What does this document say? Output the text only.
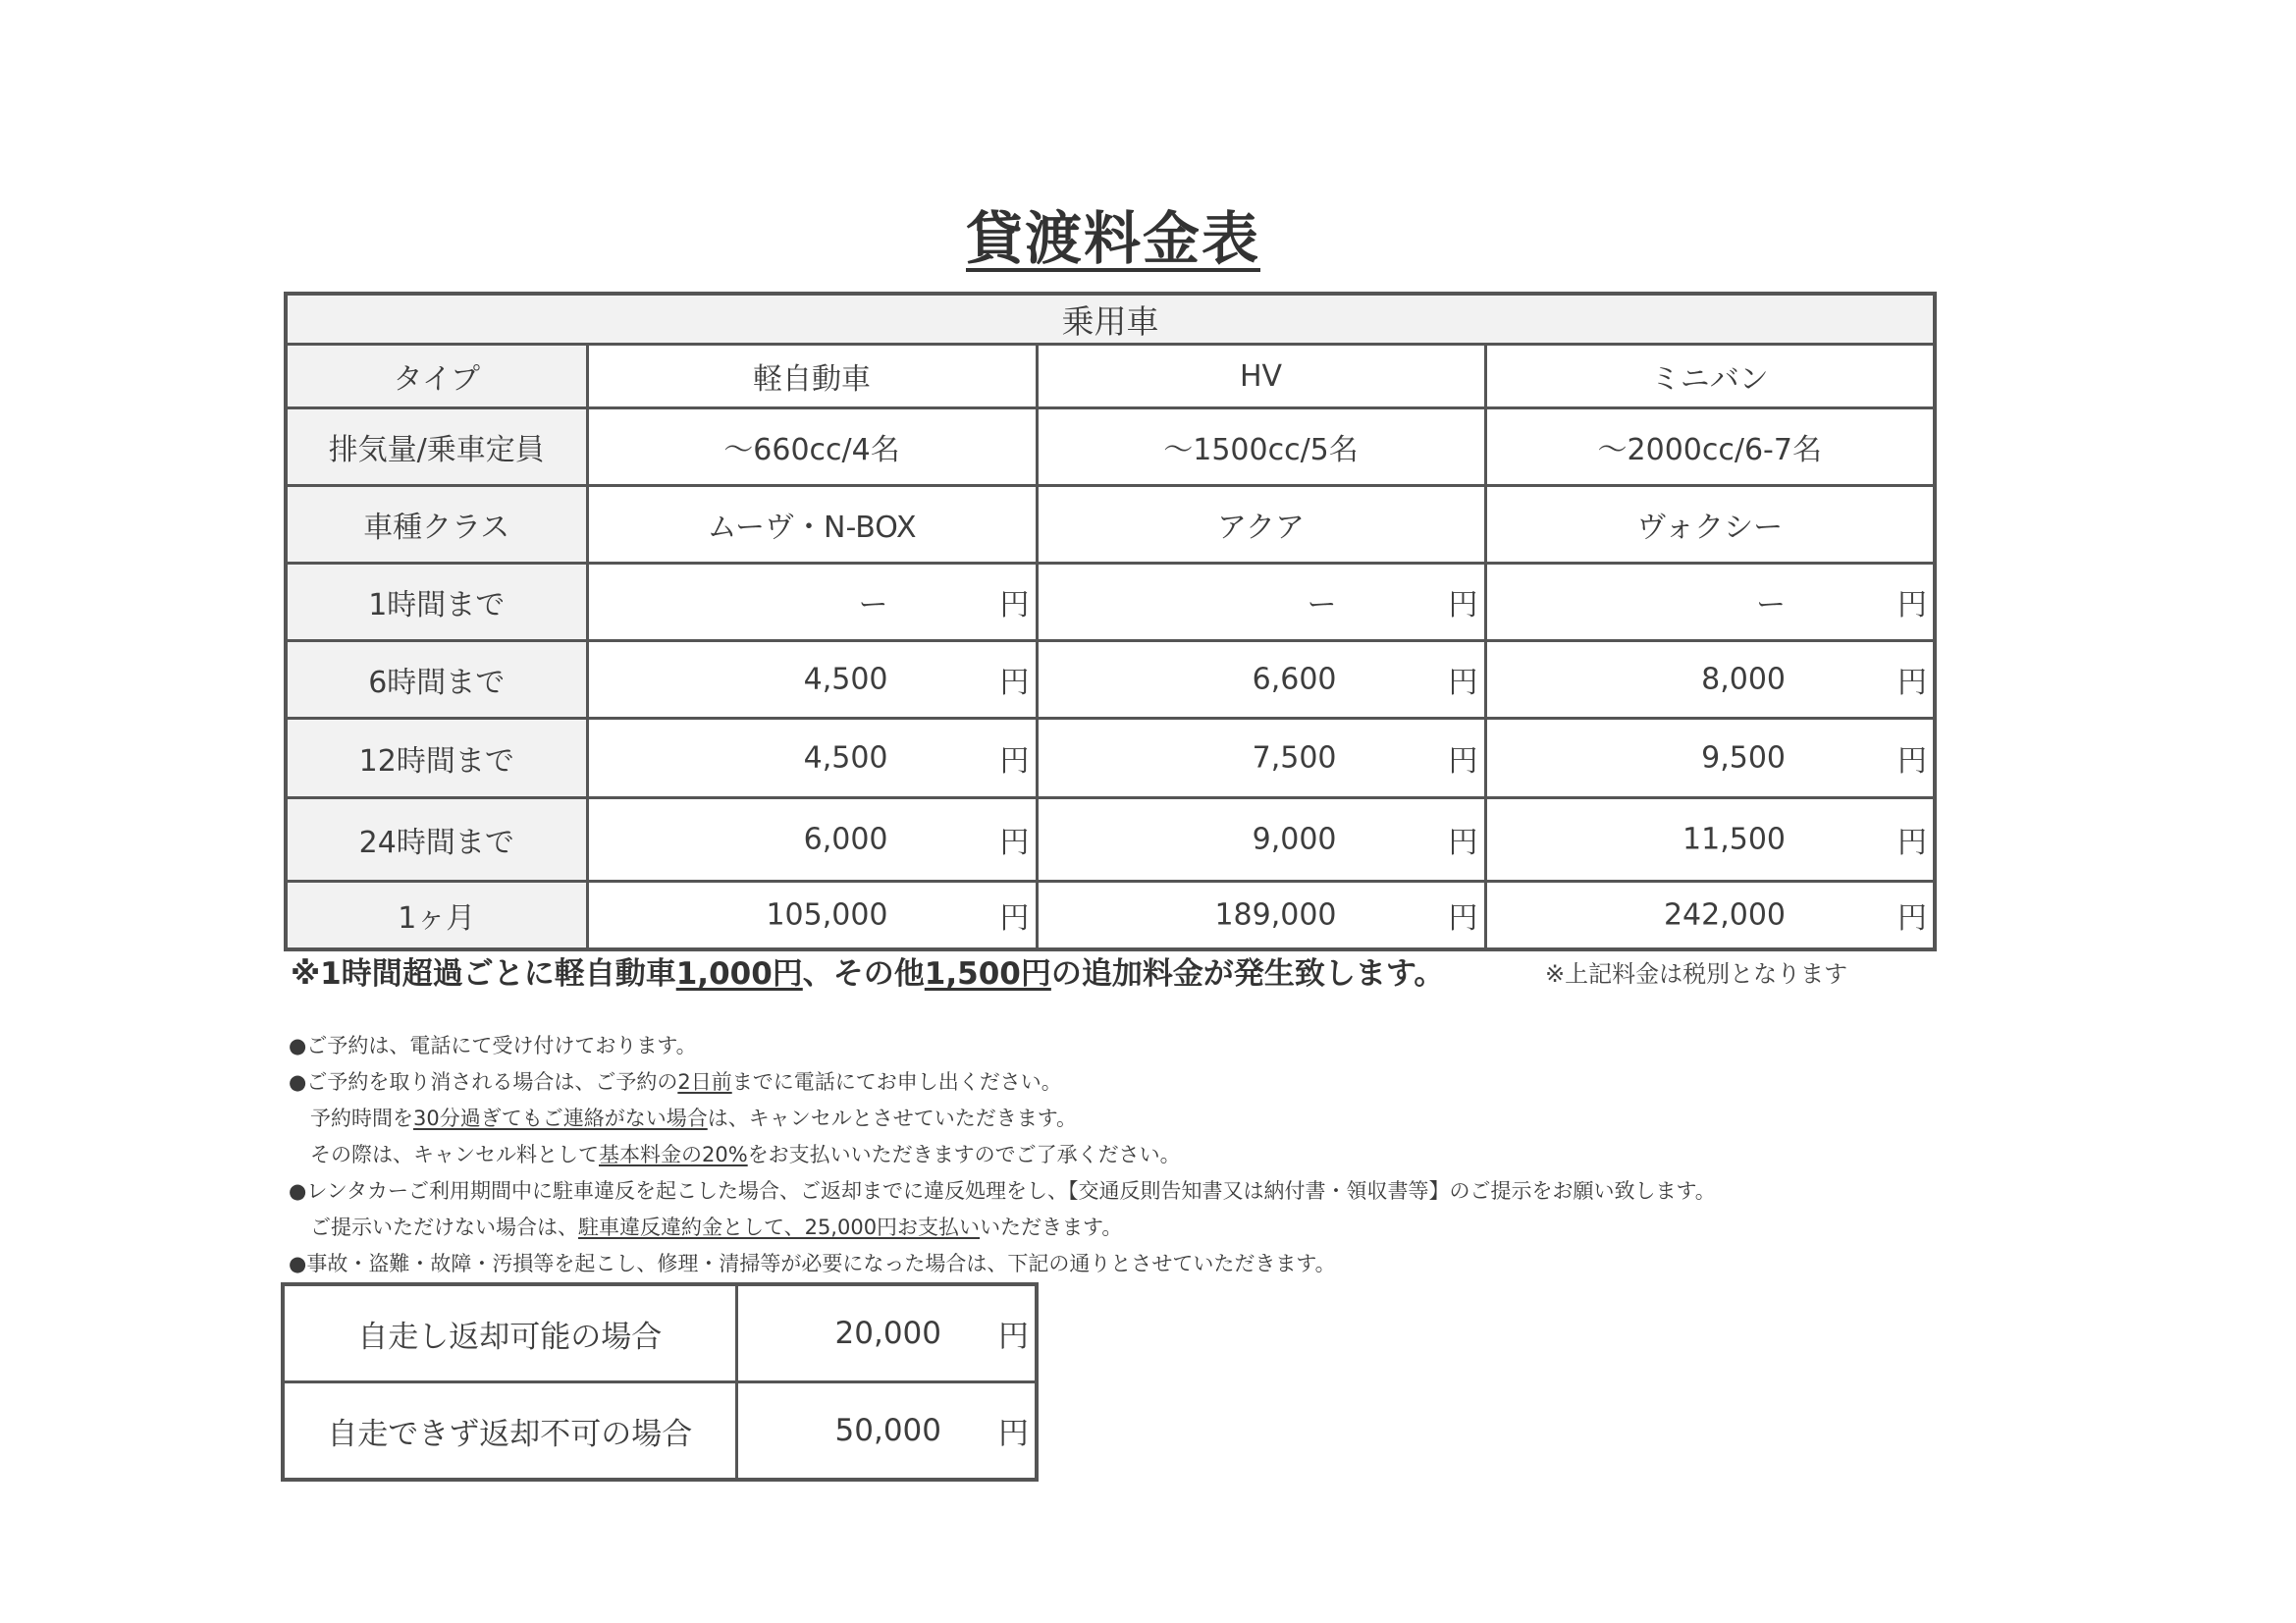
貸渡料金表
乗用車			
タイプ	軽自動車	HV	ミニバン
排気量/乗車定員	～660cc/4名	～1500cc/5名	～2000cc/6-7名
車種クラス	ムーヴ・N-BOX	アクア	ヴォクシー
1時間まで	ー 円	ー 円	ー 円

6時間まで	4,500 円	6,600 円	8,000 円

12時間まで	4,500 円	7,500 円	9,500 円

24時間まで	6,000 円	9,000 円	11,500 円

1ヶ月	105,000 円	189,000 円	242,000 円
※1時間超過ごとに軽自動車1,000円、その他1,500円の追加料金が発生致します。	※上記料金は税別となります
●ご予約は、電話にて受け付けております。
●ご予約を取り消される場合は、ご予約の2日前までに電話にてお申し出ください。
予約時間を30分過ぎてもご連絡がない場合は、キャンセルとさせていただきます。
その際は、キャンセル料として基本料金の20%をお支払いいただきますのでご了承ください。
●レンタカーご利用期間中に駐車違反を起こした場合、ご返却までに違反処理をし、【交通反則告知書又は納付書・領収書等】のご提示をお願い致します。
ご提示いただけない場合は、駐車違反違約金として、25,000円お支払いいただきます。
●事故・盗難・故障・汚損等を起こし、修理・清掃等が必要になった場合は、下記の通りとさせていただきます。
自走し返却可能の場合	20,000 円

自走できず返却不可の場合	50,000 円
